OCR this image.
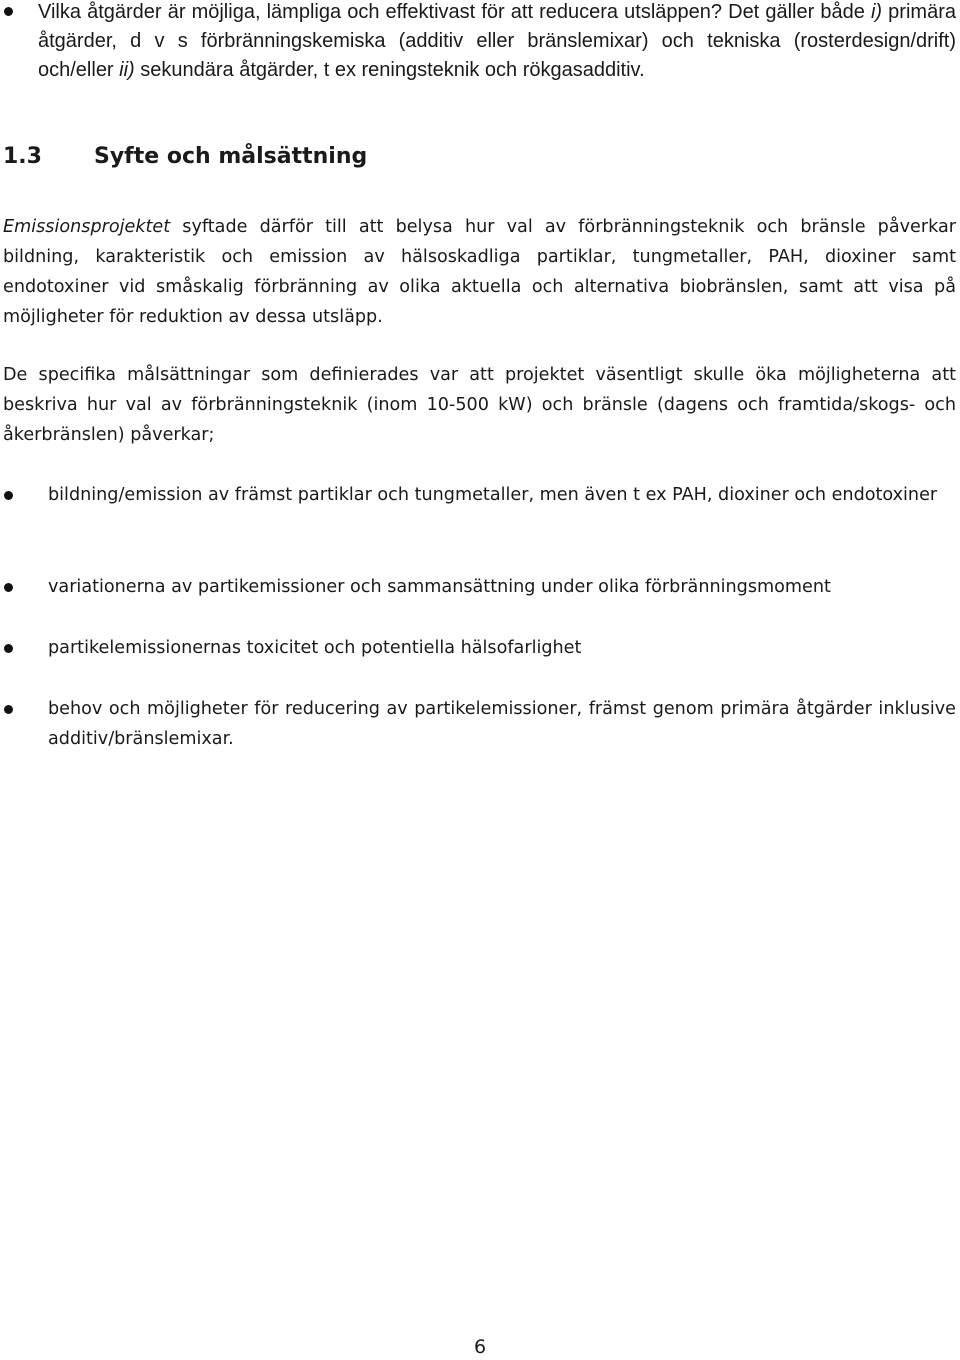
Vilka åtgärder är möjliga, lämpliga och effektivast för att reducera utsläppen? Det gäller både i) primära åtgärder, d v s förbränningskemiska (additiv eller bränslemixar) och tekniska (rosterdesign/drift) och/eller ii) sekundära åtgärder, t ex reningsteknik och rökgasadditiv.
1.3 Syfte och målsättning

Emissionsprojektet syftade därför till att belysa hur val av förbränningsteknik och bränsle påverkar bildning, karakteristik och emission av hälsoskadliga partiklar, tungmetaller, PAH, dioxiner samt endotoxiner vid småskalig förbränning av olika aktuella och alternativa biobränslen, samt att visa på möjligheter för reduktion av dessa utsläpp.

De specifika målsättningar som definierades var att projektet väsentligt skulle öka möjligheterna att beskriva hur val av förbränningsteknik (inom 10-500 kW) och bränsle (dagens och framtida/skogs- och åkerbränslen) påverkar;

bildning/emission av främst partiklar och tungmetaller, men även t ex PAH, dioxiner och endotoxiner
variationerna av partikemissioner och sammansättning under olika förbränningsmoment
partikelemissionernas toxicitet och potentiella hälsofarlighet
behov och möjligheter för reducering av partikelemissioner, främst genom primära åtgärder inklusive additiv/bränslemixar.
6
